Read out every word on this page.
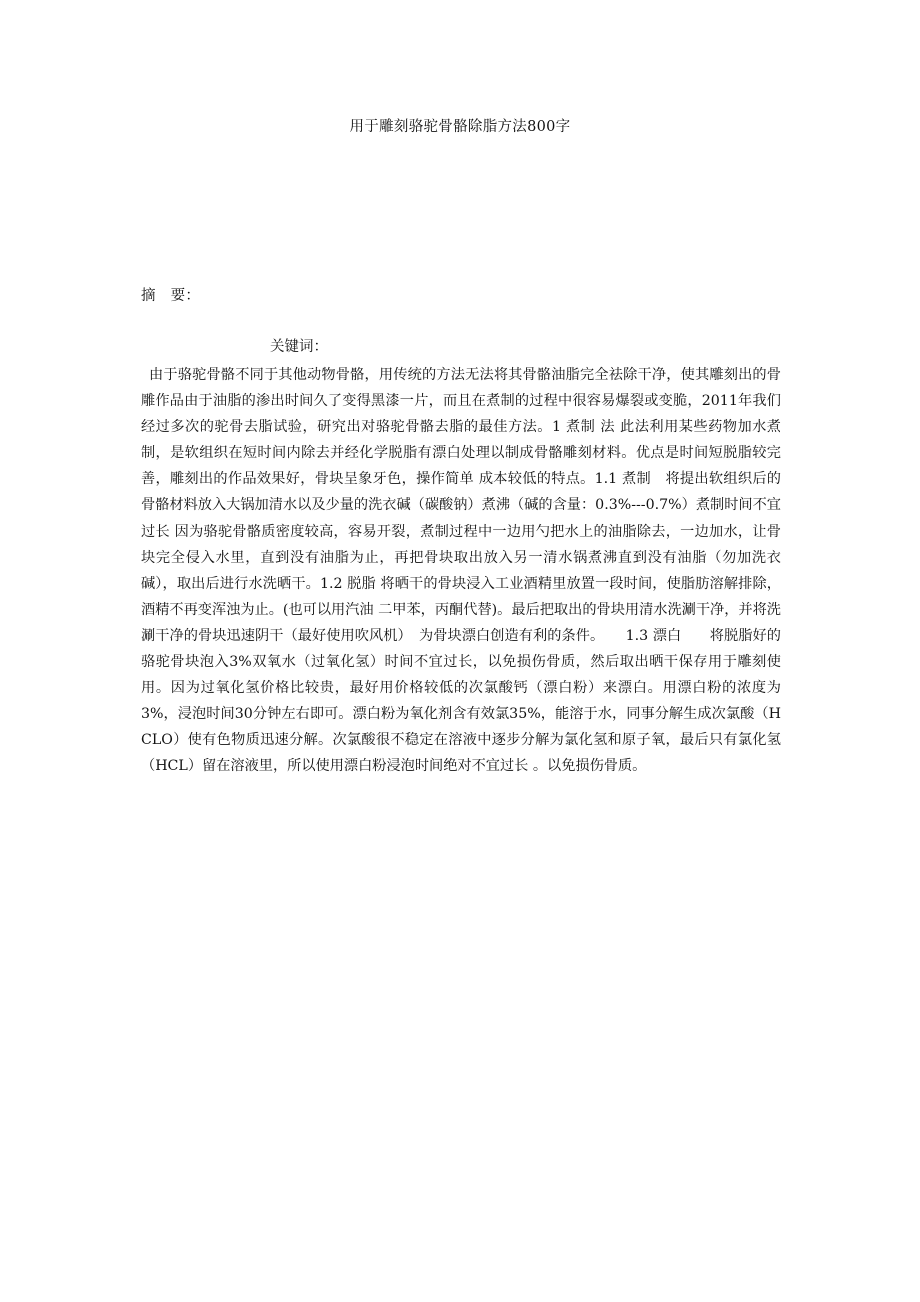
用于雕刻骆驼骨骼除脂方法800字
摘　要：
关键词：
由于骆驼骨骼不同于其他动物骨骼，用传统的方法无法将其骨骼油脂完全祛除干净，使其雕刻出的骨雕作品由于油脂的渗出时间久了变得黑漆一片，而且在煮制的过程中很容易爆裂或变脆，2011年我们经过多次的驼骨去脂试验，研究出对骆驼骨骼去脂的最佳方法。1 煮制 法 此法利用某些药物加水煮制，是软组织在短时间内除去并经化学脱脂有漂白处理以制成骨骼雕刻材料。优点是时间短脱脂较完善，雕刻出的作品效果好，骨块呈象牙色，操作简单 成本较低的特点。1.1 煮制　将提出软组织后的骨骼材料放入大锅加清水以及少量的洗衣碱（碳酸钠）煮沸（碱的含量：0.3%---0.7%）煮制时间不宜过长 因为骆驼骨骼质密度较高，容易开裂，煮制过程中一边用勺把水上的油脂除去，一边加水，让骨块完全侵入水里，直到没有油脂为止，再把骨块取出放入另一清水锅煮沸直到没有油脂（勿加洗衣碱），取出后进行水洗晒干。1.2 脱脂 将晒干的骨块浸入工业酒精里放置一段时间，使脂肪溶解排除，酒精不再变浑浊为止。(也可以用汽油 二甲苯，丙酮代替)。最后把取出的骨块用清水洗涮干净，并将洗涮干净的骨块迅速阴干（最好使用吹风机）　为骨块漂白创造有利的条件。　　1.3 漂白　　将脱脂好的骆驼骨块泡入3%双氧水（过氧化氢）时间不宜过长，以免损伤骨质，然后取出晒干保存用于雕刻使用。因为过氧化氢价格比较贵，最好用价格较低的次氯酸钙（漂白粉）来漂白。用漂白粉的浓度为3%，浸泡时间30分钟左右即可。漂白粉为氧化剂含有效氯35%，能溶于水，同事分解生成次氯酸（HCLO）使有色物质迅速分解。次氯酸很不稳定在溶液中逐步分解为氯化氢和原子氧，最后只有氯化氢（HCL）留在溶液里，所以使用漂白粉浸泡时间绝对不宜过长 。以免损伤骨质。
